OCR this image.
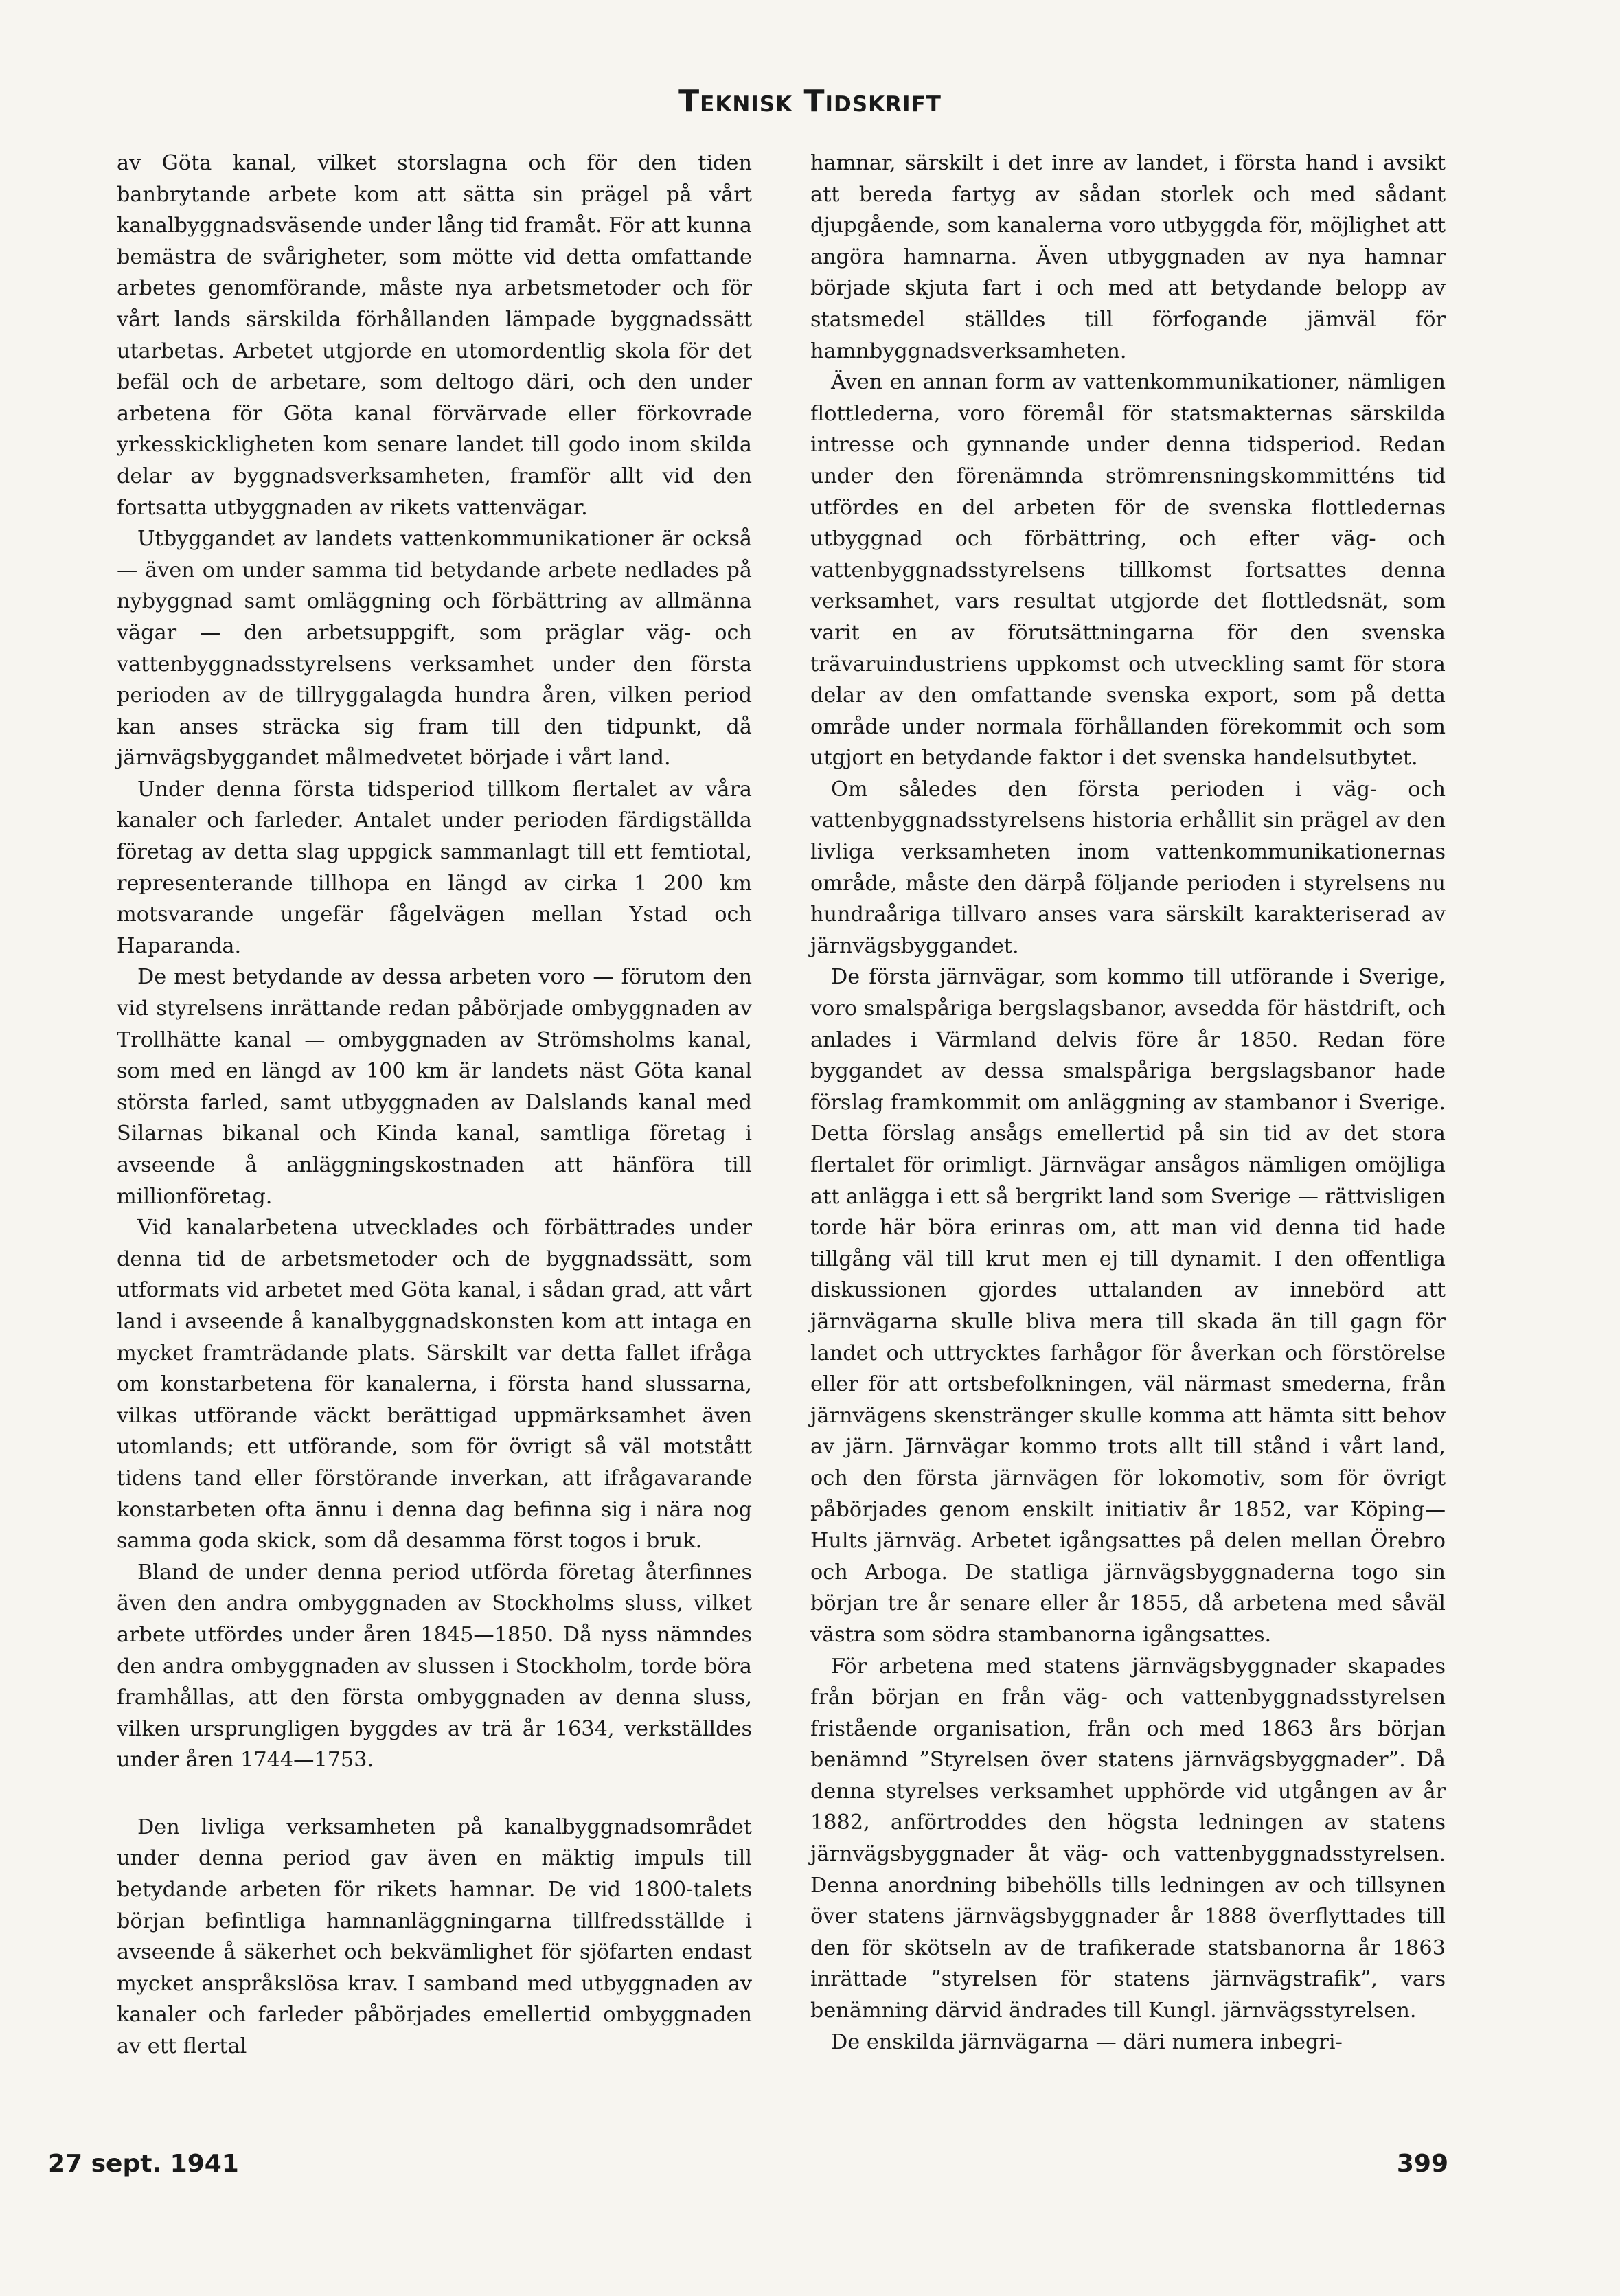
Teknisk Tidskrift

av Göta kanal, vilket storslagna och för den tiden banbrytande arbete kom att sätta sin prägel på vårt kanalbyggnadsväsende under lång tid framåt. För att kunna bemästra de svårigheter, som mötte vid detta omfattande arbetes genomförande, måste nya arbetsmetoder och för vårt lands särskilda förhållanden lämpade byggnadssätt utarbetas. Arbetet utgjorde en utomordentlig skola för det befäl och de arbetare, som deltogo däri, och den under arbetena för Göta kanal förvärvade eller förkovrade yrkesskickligheten kom senare landet till godo inom skilda delar av byggnadsverksamheten, framför allt vid den fortsatta utbyggnaden av rikets vattenvägar.

Utbyggandet av landets vattenkommunikationer är också — även om under samma tid betydande arbete nedlades på nybyggnad samt omläggning och förbättring av allmänna vägar — den arbetsuppgift, som präglar väg- och vattenbyggnadsstyrelsens verksamhet under den första perioden av de tillryggalagda hundra åren, vilken period kan anses sträcka sig fram till den tidpunkt, då järnvägsbyggandet målmedvetet började i vårt land.

Under denna första tidsperiod tillkom flertalet av våra kanaler och farleder. Antalet under perioden färdigställda företag av detta slag uppgick sammanlagt till ett femtiotal, representerande tillhopa en längd av cirka 1 200 km motsvarande ungefär fågelvägen mellan Ystad och Haparanda.

De mest betydande av dessa arbeten voro — förutom den vid styrelsens inrättande redan påbörjade ombyggnaden av Trollhätte kanal — ombyggnaden av Strömsholms kanal, som med en längd av 100 km är landets näst Göta kanal största farled, samt utbyggnaden av Dalslands kanal med Silarnas bikanal och Kinda kanal, samtliga företag i avseende å anläggningskostnaden att hänföra till millionföretag.

Vid kanalarbetena utvecklades och förbättrades under denna tid de arbetsmetoder och de byggnadssätt, som utformats vid arbetet med Göta kanal, i sådan grad, att vårt land i avseende å kanalbyggnadskonsten kom att intaga en mycket framträdande plats. Särskilt var detta fallet ifråga om konstarbetena för kanalerna, i första hand slussarna, vilkas utförande väckt berättigad uppmärksamhet även utomlands; ett utförande, som för övrigt så väl motstått tidens tand eller förstörande inverkan, att ifrågavarande konstarbeten ofta ännu i denna dag befinna sig i nära nog samma goda skick, som då desamma först togos i bruk.

Bland de under denna period utförda företag återfinnes även den andra ombyggnaden av Stockholms sluss, vilket arbete utfördes under åren 1845—1850. Då nyss nämndes den andra ombyggnaden av slussen i Stockholm, torde böra framhållas, att den första ombyggnaden av denna sluss, vilken ursprungligen byggdes av trä år 1634, verkställdes under åren 1744—1753.

Den livliga verksamheten på kanalbyggnadsområdet under denna period gav även en mäktig impuls till betydande arbeten för rikets hamnar. De vid 1800-talets början befintliga hamnanläggningarna tillfredsställde i avseende å säkerhet och bekvämlighet för sjöfarten endast mycket anspråkslösa krav. I samband med utbyggnaden av kanaler och farleder påbörjades emellertid ombyggnaden av ett flertal

hamnar, särskilt i det inre av landet, i första hand i avsikt att bereda fartyg av sådan storlek och med sådant djupgående, som kanalerna voro utbyggda för, möjlighet att angöra hamnarna. Även utbyggnaden av nya hamnar började skjuta fart i och med att betydande belopp av statsmedel ställdes till förfogande jämväl för hamnbyggnadsverksamheten.

Även en annan form av vattenkommunikationer, nämligen flottlederna, voro föremål för statsmakternas särskilda intresse och gynnande under denna tidsperiod. Redan under den förenämnda strömrensningskommitténs tid utfördes en del arbeten för de svenska flottledernas utbyggnad och förbättring, och efter väg- och vattenbyggnadsstyrelsens tillkomst fortsattes denna verksamhet, vars resultat utgjorde det flottledsnät, som varit en av förutsättningarna för den svenska trävaruindustriens uppkomst och utveckling samt för stora delar av den omfattande svenska export, som på detta område under normala förhållanden förekommit och som utgjort en betydande faktor i det svenska handelsutbytet.

Om således den första perioden i väg- och vattenbyggnadsstyrelsens historia erhållit sin prägel av den livliga verksamheten inom vattenkommunikationernas område, måste den därpå följande perioden i styrelsens nu hundraåriga tillvaro anses vara särskilt karakteriserad av järnvägsbyggandet.

De första järnvägar, som kommo till utförande i Sverige, voro smalspåriga bergslagsbanor, avsedda för hästdrift, och anlades i Värmland delvis före år 1850. Redan före byggandet av dessa smalspåriga bergslagsbanor hade förslag framkommit om anläggning av stambanor i Sverige. Detta förslag ansågs emellertid på sin tid av det stora flertalet för orimligt. Järnvägar ansågos nämligen omöjliga att anlägga i ett så bergrikt land som Sverige — rättvisligen torde här böra erinras om, att man vid denna tid hade tillgång väl till krut men ej till dynamit. I den offentliga diskussionen gjordes uttalanden av innebörd att järnvägarna skulle bliva mera till skada än till gagn för landet och uttrycktes farhågor för åverkan och förstörelse eller för att ortsbefolkningen, väl närmast smederna, från järnvägens skenstränger skulle komma att hämta sitt behov av järn. Järnvägar kommo trots allt till stånd i vårt land, och den första järnvägen för lokomotiv, som för övrigt påbörjades genom enskilt initiativ år 1852, var Köping—Hults järnväg. Arbetet igångsattes på delen mellan Örebro och Arboga. De statliga järnvägsbyggnaderna togo sin början tre år senare eller år 1855, då arbetena med såväl västra som södra stambanorna igångsattes.

För arbetena med statens järnvägsbyggnader skapades från början en från väg- och vattenbyggnadsstyrelsen fristående organisation, från och med 1863 års början benämnd ”Styrelsen över statens järnvägsbyggnader”. Då denna styrelses verksamhet upphörde vid utgången av år 1882, anförtroddes den högsta ledningen av statens järnvägsbyggnader åt väg- och vattenbyggnadsstyrelsen. Denna anordning bibehölls tills ledningen av och tillsynen över statens järnvägsbyggnader år 1888 överflyttades till den för skötseln av de trafikerade statsbanorna år 1863 inrättade ”styrelsen för statens järnvägstrafik”, vars benämning därvid ändrades till Kungl. järnvägsstyrelsen.

De enskilda järnvägarna — däri numera inbegri-

27 sept. 1941	399
